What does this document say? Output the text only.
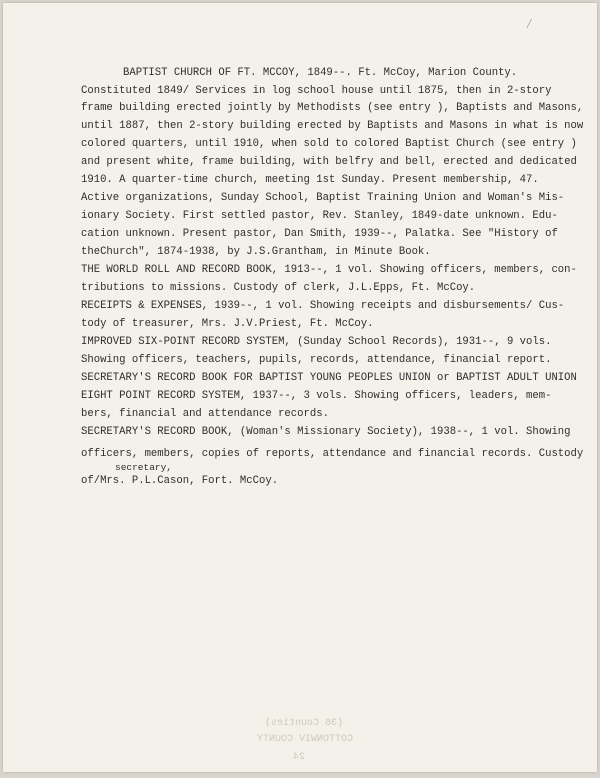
⁄
BAPTIST CHURCH OF FT. MCCOY, 1849--. Ft. McCoy, Marion County.
Constituted 1849/ Services in log school house until 1875, then in 2-story
frame building erected jointly by Methodists (see entry ), Baptists and Masons,
until 1887, then 2-story building erected by Baptists and Masons in what is now
colored quarters, until 1910, when sold to colored Baptist Church (see entry )
and present white, frame building, with belfry and bell, erected and dedicated
1910. A quarter-time church, meeting 1st Sunday. Present membership, 47.
Active organizations, Sunday School, Baptist Training Union and Woman's Mis-
ionary Society. First settled pastor, Rev. Stanley, 1849-date unknown. Edu-
cation unknown. Present pastor, Dan Smith, 1939--, Palatka. See "History of
theChurch", 1874-1938, by J.S.Grantham, in Minute Book.
THE WORLD ROLL AND RECORD BOOK, 1913--, 1 vol. Showing officers, members, con-
tributions to missions. Custody of clerk, J.L.Epps, Ft. McCoy.
RECEIPTS & EXPENSES, 1939--, 1 vol. Showing receipts and disbursements/ Cus-
tody of treasurer, Mrs. J.V.Priest, Ft. McCoy.
IMPROVED SIX-POINT RECORD SYSTEM, (Sunday School Records), 1931--, 9 vols.
Showing officers, teachers, pupils, records, attendance, financial report.
SECRETARY'S RECORD BOOK FOR BAPTIST YOUNG PEOPLES UNION or BAPTIST ADULT UNION
EIGHT POINT RECORD SYSTEM, 1937--, 3 vols. Showing officers, leaders, mem-
bers, financial and attendance records.
SECRETARY'S RECORD BOOK, (Woman's Missionary Society), 1938--, 1 vol. Showing
officers, members, copies of reports, attendance and financial records. Custody
secretary,
of/Mrs. P.L.Cason, Fort. McCoy.
(36 Counties)
COTTONWIV COUNTY
24
